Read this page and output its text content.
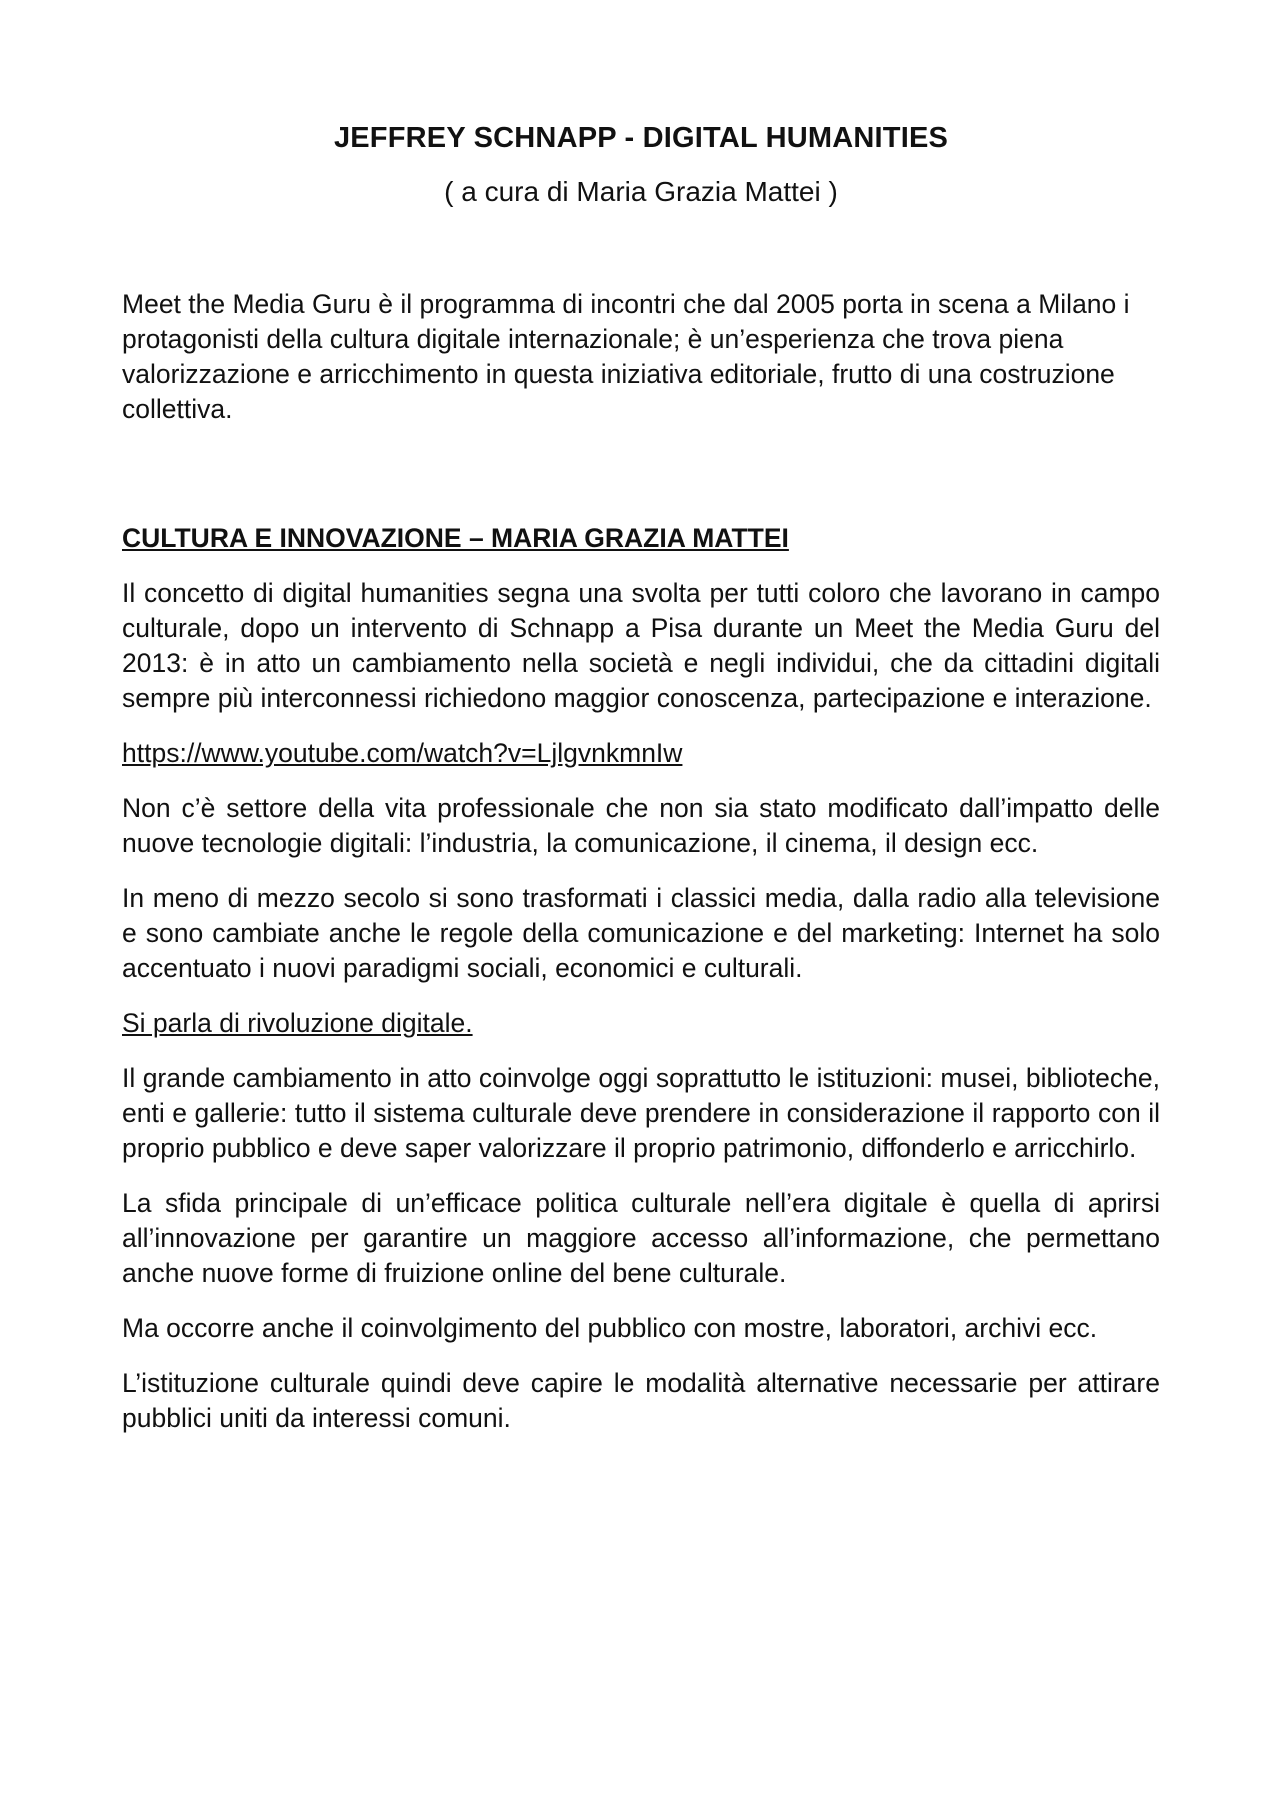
JEFFREY SCHNAPP - DIGITAL HUMANITIES
( a cura di Maria Grazia Mattei )
Meet the Media Guru è il programma di incontri che dal 2005 porta in scena a Milano i protagonisti della cultura digitale internazionale; è un’esperienza che trova piena valorizzazione e arricchimento in questa iniziativa editoriale, frutto di una costruzione collettiva.
CULTURA E INNOVAZIONE – MARIA GRAZIA MATTEI
Il concetto di digital humanities segna una svolta per tutti coloro che lavorano in campo culturale, dopo un intervento di Schnapp a Pisa durante un Meet the Media Guru del 2013: è in atto un cambiamento nella società e negli individui, che da cittadini digitali sempre più interconnessi richiedono maggior conoscenza, partecipazione e interazione.
https://www.youtube.com/watch?v=LjlgvnkmnIw
Non c’è settore della vita professionale che non sia stato modificato dall’impatto delle nuove tecnologie digitali: l’industria, la comunicazione, il cinema, il design ecc.
In meno di mezzo secolo si sono trasformati i classici media, dalla radio alla televisione e sono cambiate anche le regole della comunicazione e del marketing: Internet ha solo accentuato i nuovi paradigmi sociali, economici e culturali.
Si parla di rivoluzione digitale.
Il grande cambiamento in atto coinvolge oggi soprattutto le istituzioni: musei, biblioteche, enti e gallerie: tutto il sistema culturale deve prendere in considerazione il rapporto con il proprio pubblico e deve saper valorizzare il proprio patrimonio, diffonderlo e arricchirlo.
La sfida principale di un’efficace politica culturale nell’era digitale è quella di aprirsi all’innovazione per garantire un maggiore accesso all’informazione, che permettano anche nuove forme di fruizione online del bene culturale.
Ma occorre anche il coinvolgimento del pubblico con mostre, laboratori, archivi ecc.
L’istituzione culturale quindi deve capire le modalità alternative necessarie per attirare pubblici uniti da interessi comuni.
